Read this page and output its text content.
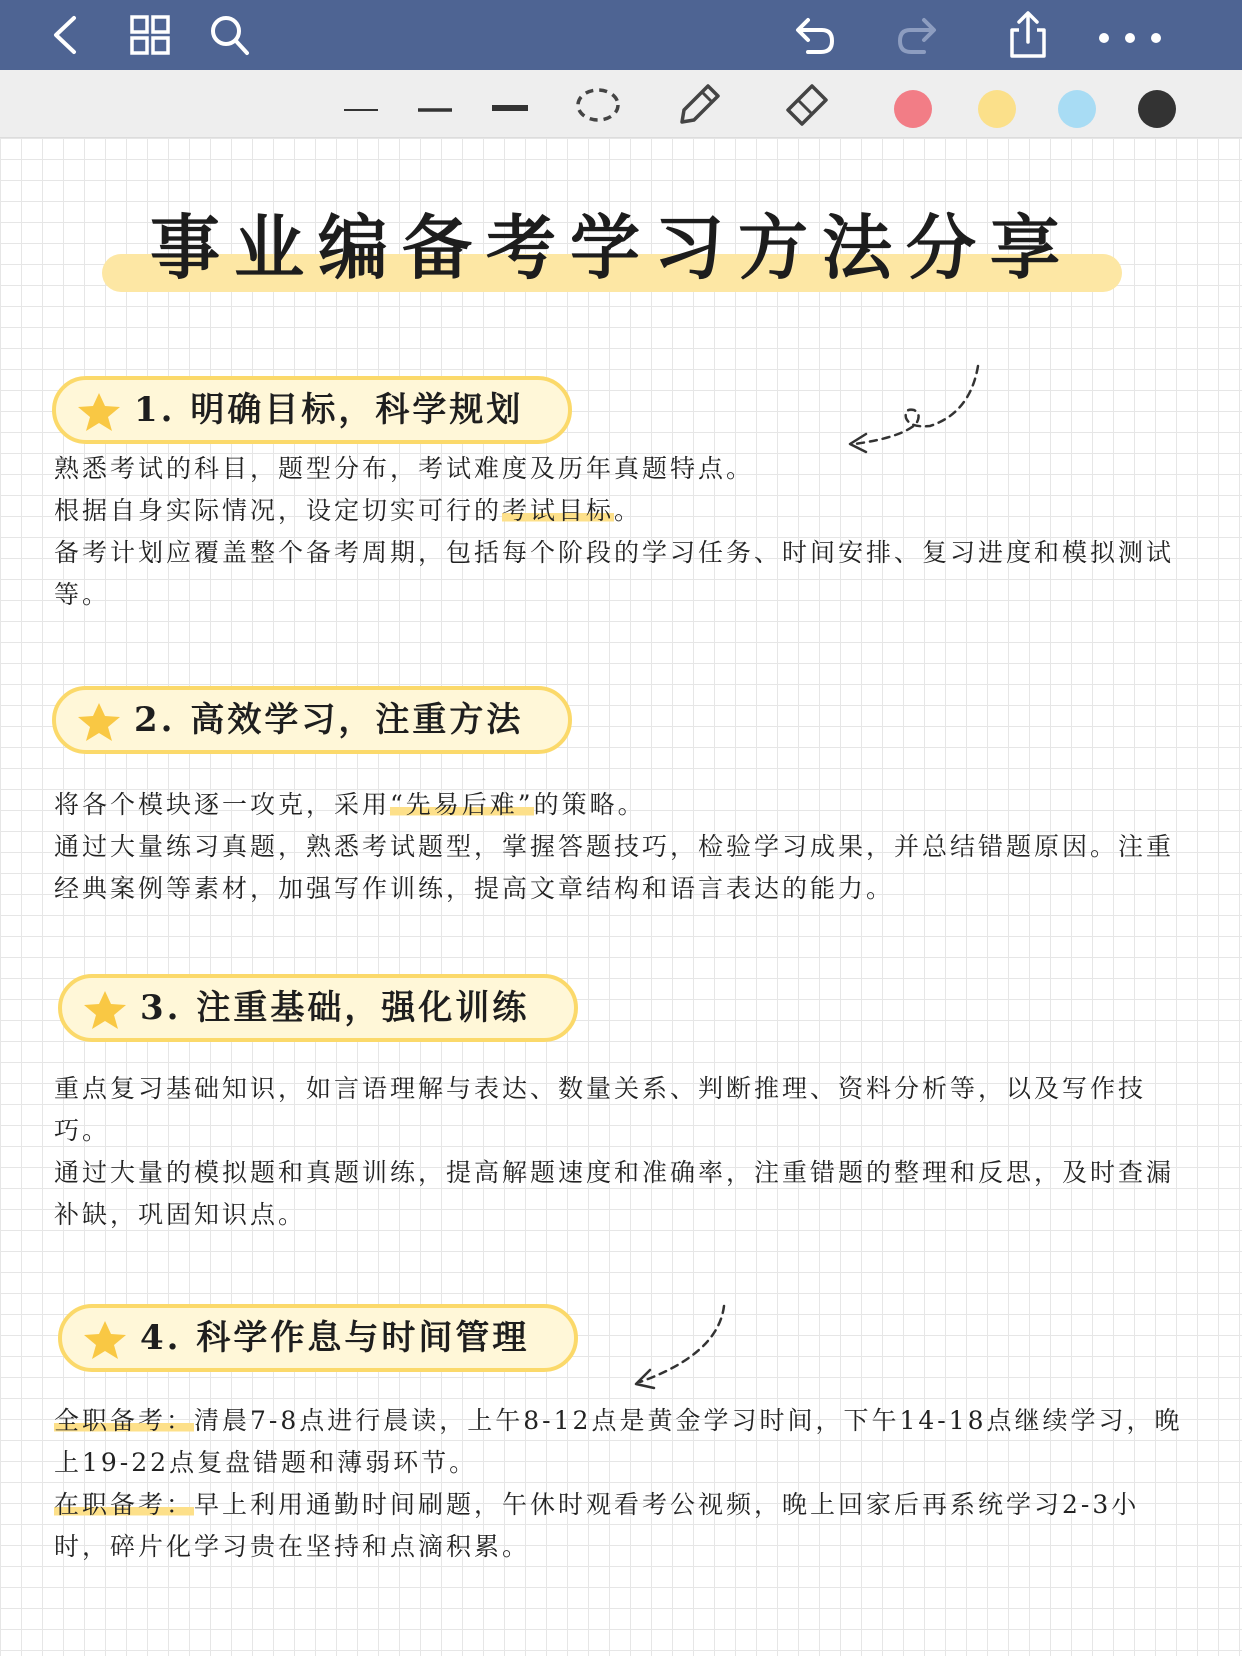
事业编备考学习方法分享
1. 明确目标，科学规划

熟悉考试的科目，题型分布，考试难度及历年真题特点。

根据自身实际情况，设定切实可行的考试目标。

备考计划应覆盖整个备考周期，包括每个阶段的学习任务、时间安排、复习进度和模拟测试等。

2. 高效学习，注重方法

将各个模块逐一攻克，采用“先易后难”的策略。

通过大量练习真题，熟悉考试题型，掌握答题技巧，检验学习成果，并总结错题原因。注重经典案例等素材，加强写作训练，提高文章结构和语言表达的能力。

3. 注重基础，强化训练

重点复习基础知识，如言语理解与表达、数量关系、判断推理、资料分析等，以及写作技巧。

通过大量的模拟题和真题训练，提高解题速度和准确率，注重错题的整理和反思，及时查漏补缺，巩固知识点。

4. 科学作息与时间管理

全职备考：清晨7-8点进行晨读，上午8-12点是黄金学习时间，下午14-18点继续学习，晚上19-22点复盘错题和薄弱环节。

在职备考：早上利用通勤时间刷题，午休时观看考公视频，晚上回家后再系统学习2-3小时，碎片化学习贵在坚持和点滴积累。
